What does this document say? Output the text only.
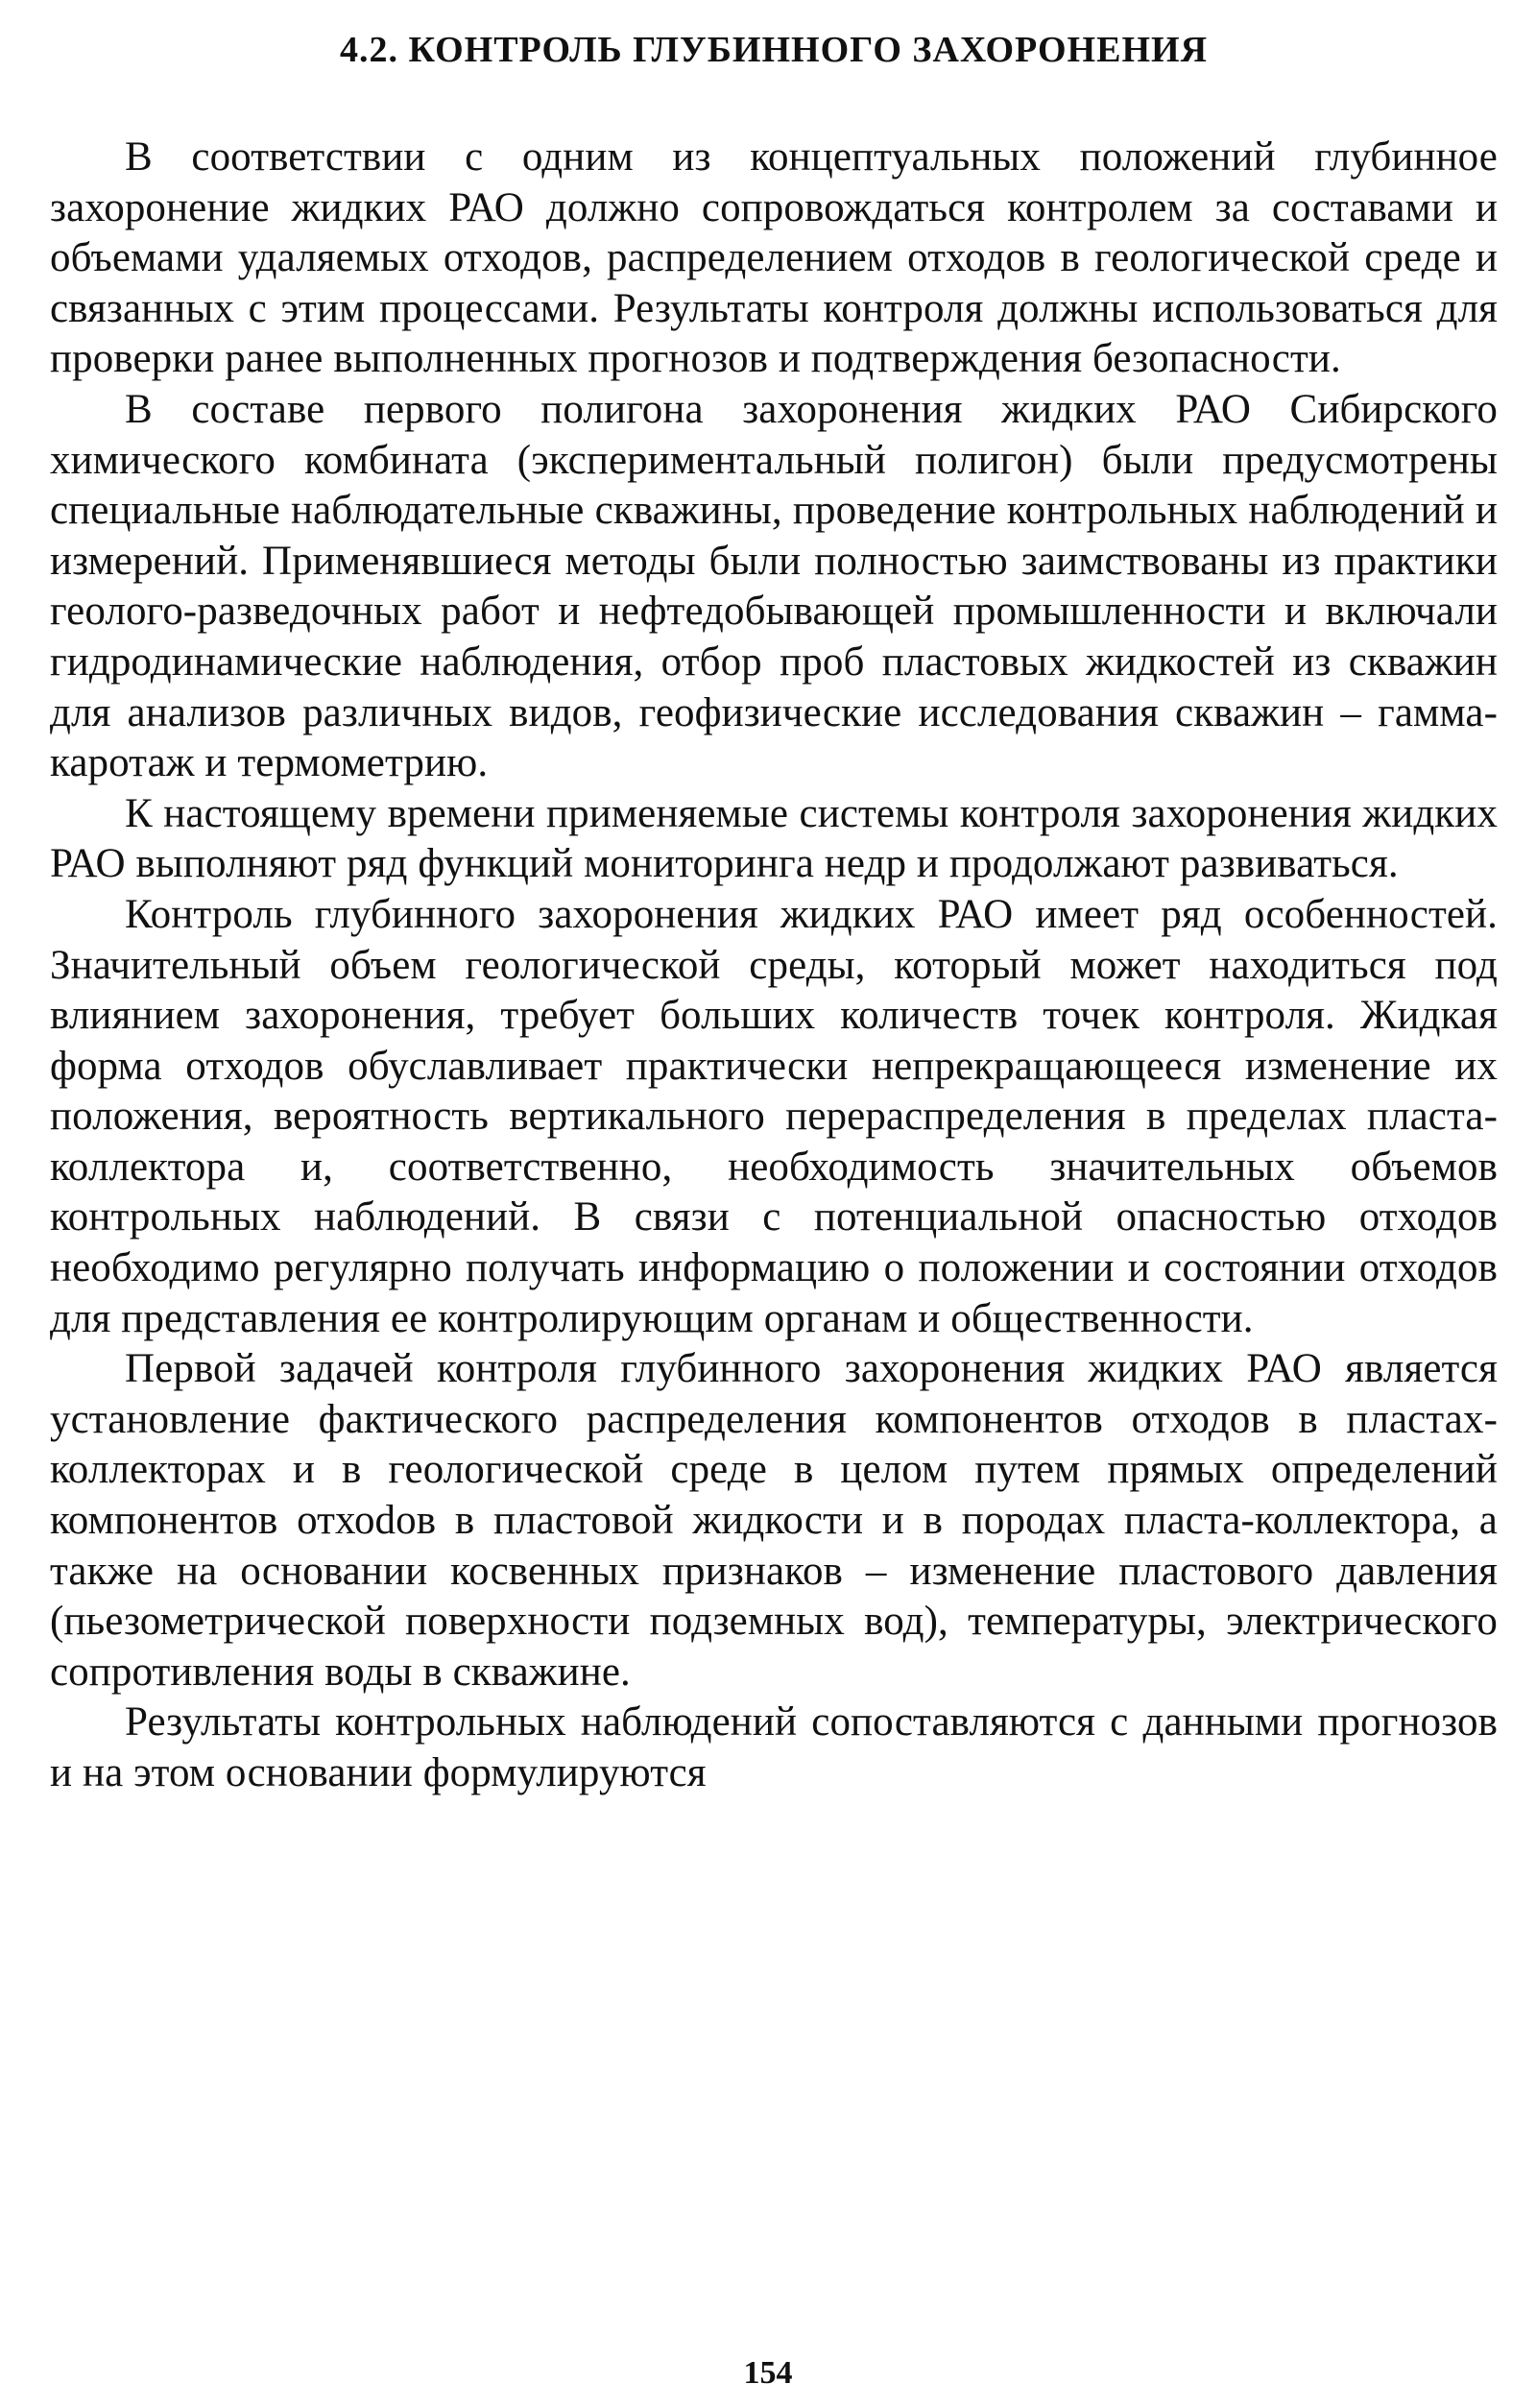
4.2. КОНТРОЛЬ ГЛУБИННОГО ЗАХОРОНЕНИЯ

В соответствии с одним из концептуальных положений глубинное захоронение жидких РАО должно сопровождаться контролем за составами и объемами удаляемых отходов, распределением отходов в геологической среде и связанных с этим процессами. Результаты контроля должны использоваться для проверки ранее выполненных прогнозов и подтверждения безопасности.

В составе первого полигона захоронения жидких РАО Сибирского химического комбината (экспериментальный полигон) были предусмотрены специальные наблюдательные скважины, проведение контрольных наблюдений и измерений. Применявшиеся методы были полностью заимствованы из практики геолого-разведочных работ и нефтедобывающей промышленности и включали гидродинамические наблюдения, отбор проб пластовых жидкостей из скважин для анализов различных видов, геофизические исследования скважин – гамма-каротаж и термометрию.

К настоящему времени применяемые системы контроля захоронения жидких РАО выполняют ряд функций мониторинга недр и продолжают развиваться.

Контроль глубинного захоронения жидких РАО имеет ряд особенностей. Значительный объем геологической среды, который может находиться под влиянием захоронения, требует больших количеств точек контроля. Жидкая форма отходов обуславливает практически непрекращающееся изменение их положения, вероятность вертикального перераспределения в пределах пласта-коллектора и, соответственно, необходимость значительных объемов контрольных наблюдений. В связи с потенциальной опасностью отходов необходимо регулярно получать информацию о положении и состоянии отходов для представления ее контролирующим органам и общественности.

Первой задачей контроля глубинного захоронения жидких РАО является установление фактического распределения компонентов отходов в пластах-коллекторах и в геологической среде в целом путем прямых определений компонентов отхоdов в пластовой жидкости и в породах пласта-коллектора, а также на основании косвенных признаков – изменение пластового давления (пьезометрической поверхности подземных вод), температуры, электрического сопротивления воды в скважине.

Результаты контрольных наблюдений сопоставляются с данными прогнозов и на этом основании формулируются

154
